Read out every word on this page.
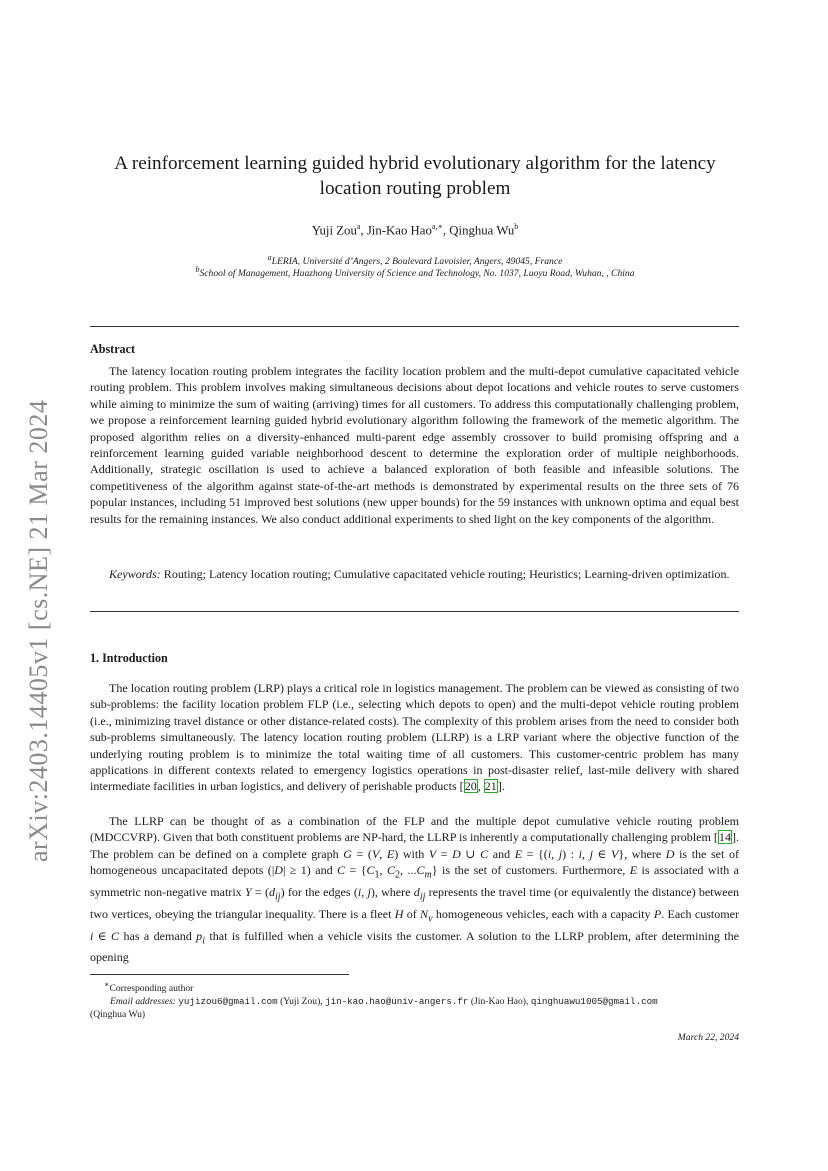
arXiv:2403.14405v1 [cs.NE] 21 Mar 2024
A reinforcement learning guided hybrid evolutionary algorithm for the latency location routing problem
Yuji Zou$^a$, Jin-Kao Hao$^{a,∗}$, Qinghua Wu$^b$
$^a$LERIA, Université d’Angers, 2 Boulevard Lavoisier, Angers, 49045, France
$^b$School of Management, Huazhong University of Science and Technology, No. 1037, Luoyu Road, Wuhan, , China
Abstract

The latency location routing problem integrates the facility location problem and the multi-depot cumulative capacitated vehicle routing problem. This problem involves making simultaneous decisions about depot locations and vehicle routes to serve customers while aiming to minimize the sum of waiting (arriving) times for all customers. To address this computationally challenging problem, we propose a reinforcement learning guided hybrid evolutionary algorithm following the framework of the memetic algorithm. The proposed algorithm relies on a diversity-enhanced multi-parent edge assembly crossover to build promising offspring and a reinforcement learning guided variable neighborhood descent to determine the exploration order of multiple neighborhoods. Additionally, strategic oscillation is used to achieve a balanced exploration of both feasible and infeasible solutions. The competitiveness of the algorithm against state-of-the-art methods is demonstrated by experimental results on the three sets of 76 popular instances, including 51 improved best solutions (new upper bounds) for the 59 instances with unknown optima and equal best results for the remaining instances. We also conduct additional experiments to shed light on the key components of the algorithm.

Keywords: Routing; Latency location routing; Cumulative capacitated vehicle routing; Heuristics; Learning-driven optimization.

1. Introduction

The location routing problem (LRP) plays a critical role in logistics management. The problem can be viewed as consisting of two sub-problems: the facility location problem FLP (i.e., selecting which depots to open) and the multi-depot vehicle routing problem (i.e., minimizing travel distance or other distance-related costs). The complexity of this problem arises from the need to consider both sub-problems simultaneously. The latency location routing problem (LLRP) is a LRP variant where the objective function of the underlying routing problem is to minimize the total waiting time of all customers. This customer-centric problem has many applications in different contexts related to emergency logistics operations in post-disaster relief, last-mile delivery with shared intermediate facilities in urban logistics, and delivery of perishable products [20, 21].

The LLRP can be thought of as a combination of the FLP and the multiple depot cumulative vehicle routing problem (MDCCVRP). Given that both constituent problems are NP-hard, the LLRP is inherently a computationally challenging problem [14]. The problem can be defined on a complete graph G = (V, E) with V = D ∪ C and E = {(i, j) : i, j ∈ V}, where D is the set of homogeneous uncapacitated depots (|D| ≥ 1) and $C = \{C_1$, $C_2$, $...C_m$} is the set of customers. Furthermore, E is associated with a symmetric non-negative matrix $Y = (d_{ij})$ for the edges (i, j), where $d_{ij}$ represents the travel time (or equivalently the distance) between two vertices, obeying the triangular inequality. There is a fleet H of $N_v$ homogeneous vehicles, each with a capacity P. Each customer i ∈ C has a demand $p_i$ that is fulfilled when a vehicle visits the customer. A solution to the LLRP problem, after determining the opening

∗Corresponding author
Email addresses: yujizou6@gmail.com (Yuji Zou), jin-kao.hao@univ-angers.fr (Jin-Kao Hao), qinghuawu1005@gmail.com
(Qinghua Wu)
March 22, 2024
